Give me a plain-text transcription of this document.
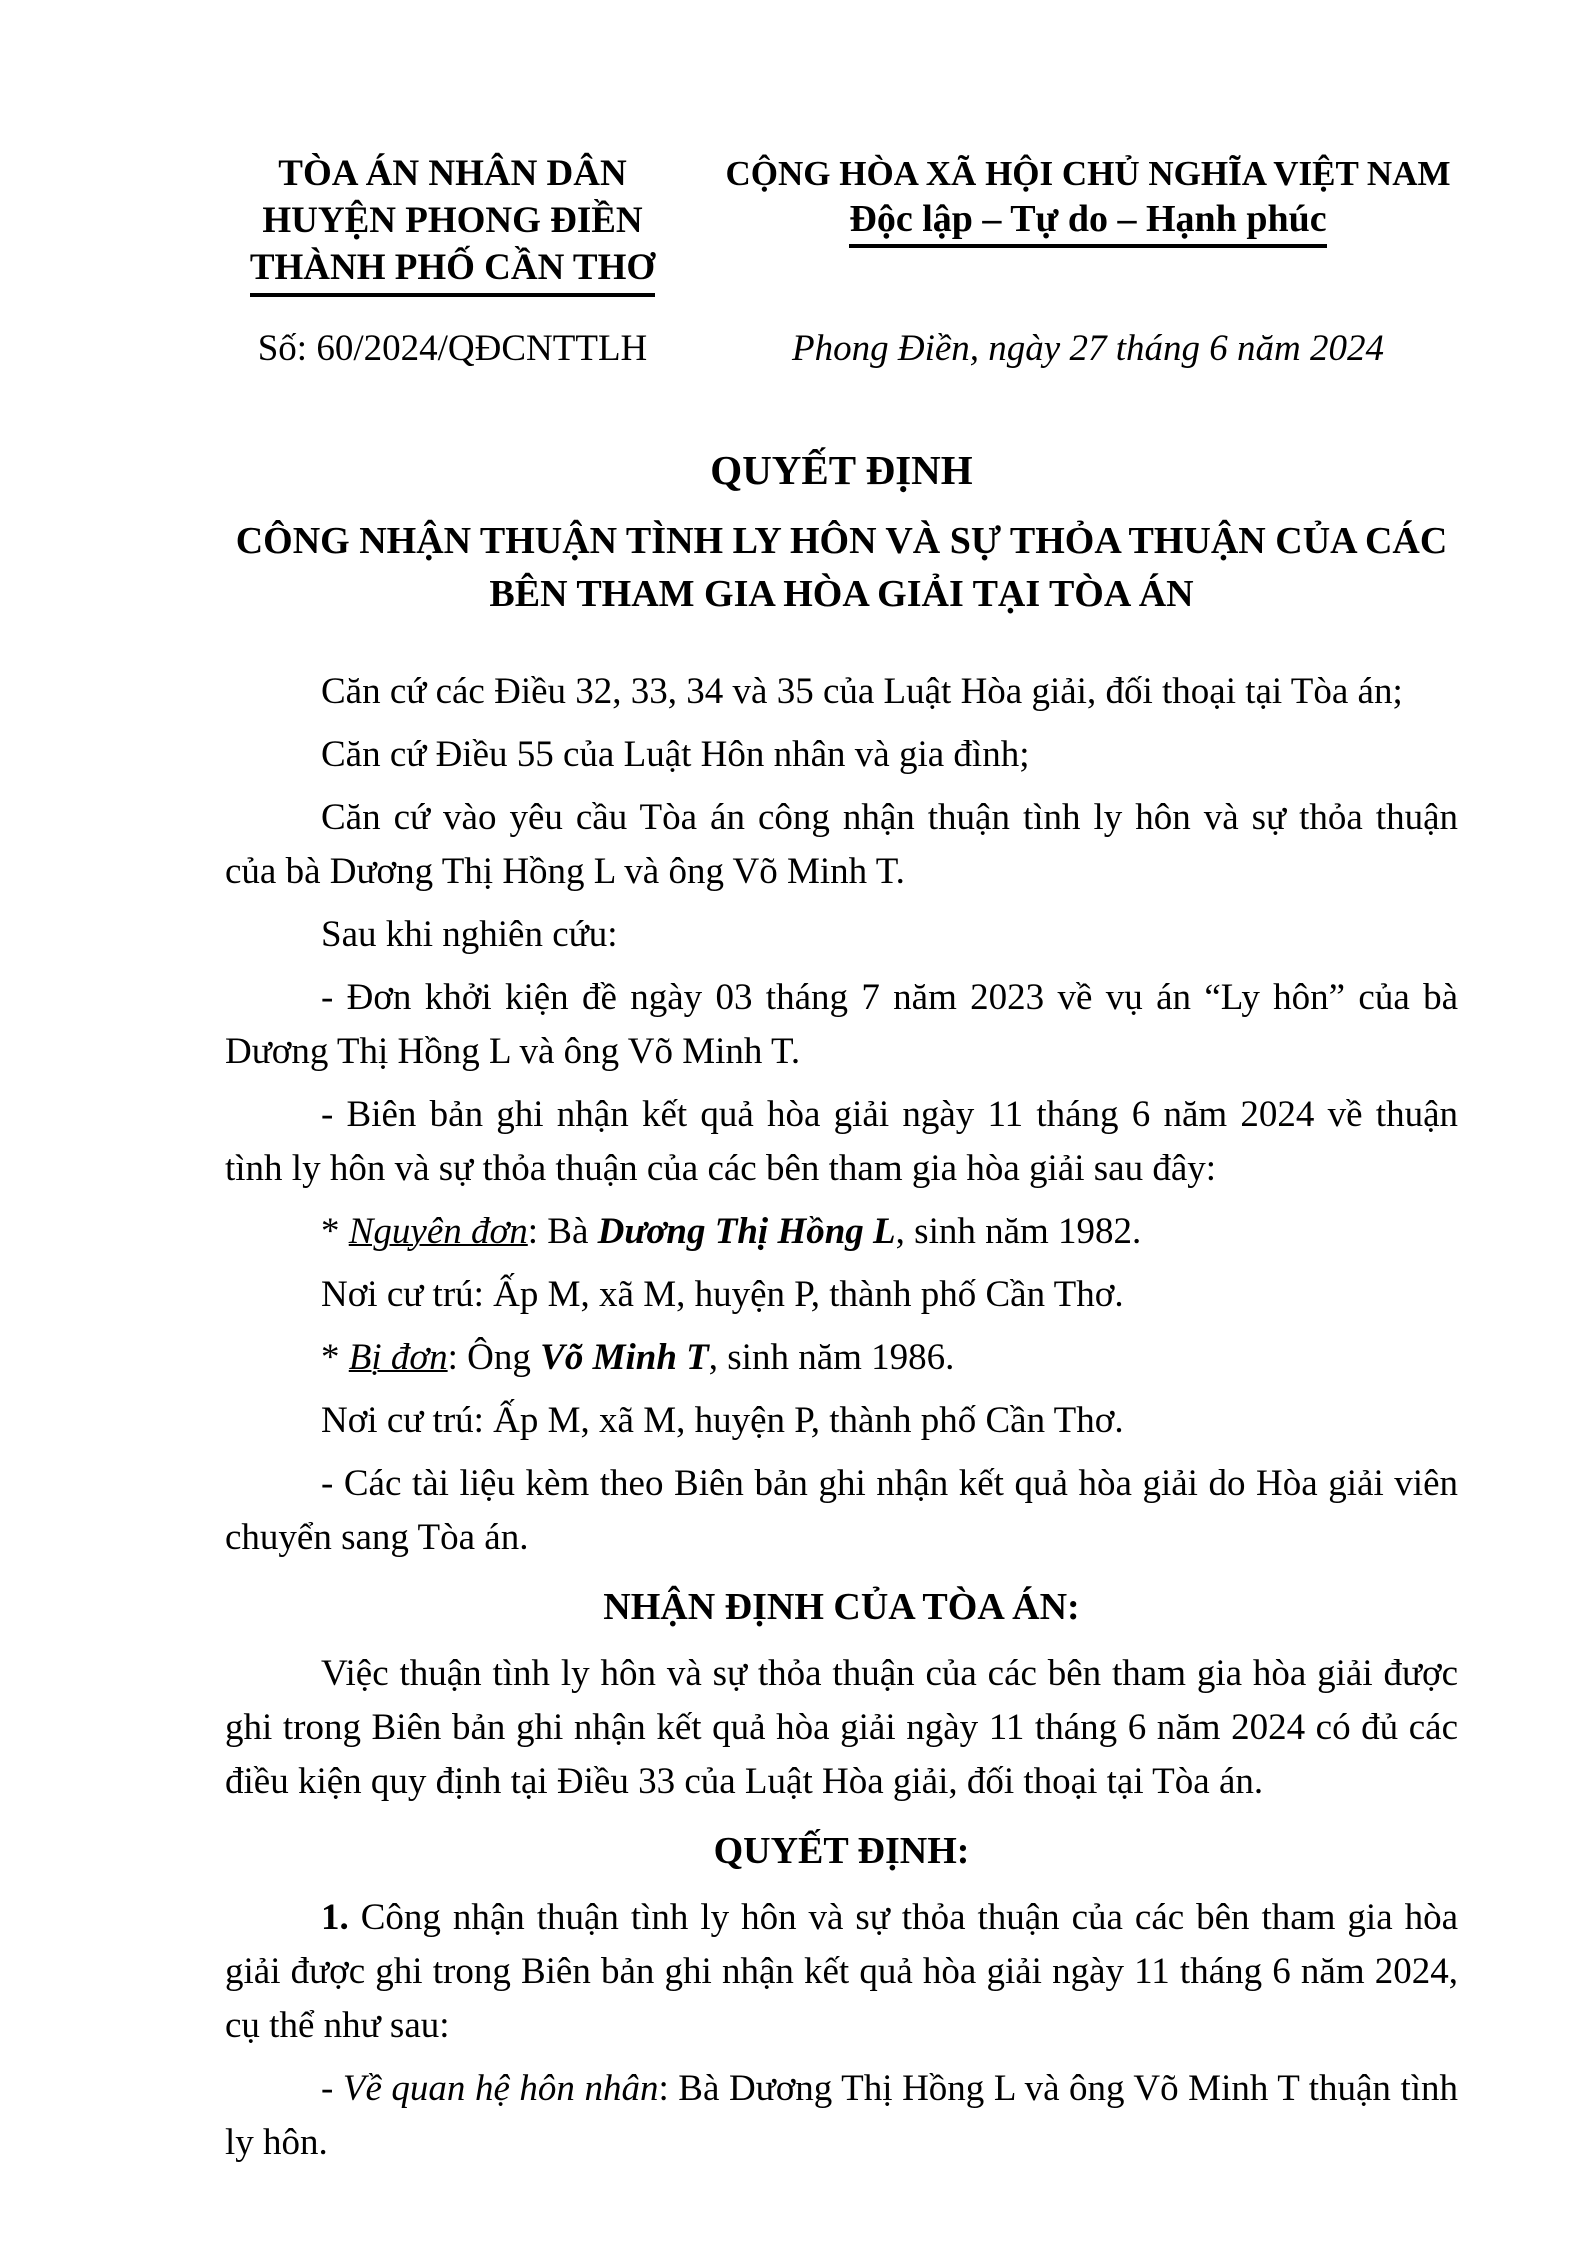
TÒA ÁN NHÂN DÂN
HUYỆN PHONG ĐIỀN
THÀNH PHỐ CẦN THƠ
CỘNG HÒA XÃ HỘI CHỦ NGHĨA VIỆT NAM
Độc lập – Tự do – Hạnh phúc
Số: 60/2024/QĐCNTTLH	Phong Điền, ngày 27 tháng 6 năm 2024
QUYẾT ĐỊNH
CÔNG NHẬN THUẬN TÌNH LY HÔN VÀ SỰ THỎA THUẬN CỦA CÁC
BÊN THAM GIA HÒA GIẢI TẠI TÒA ÁN

Căn cứ các Điều 32, 33, 34 và 35 của Luật Hòa giải, đối thoại tại Tòa án;

Căn cứ Điều 55 của Luật Hôn nhân và gia đình;

Căn cứ vào yêu cầu Tòa án công nhận thuận tình ly hôn và sự thỏa thuận của bà Dương Thị Hồng L và ông Võ Minh T.

Sau khi nghiên cứu:

- Đơn khởi kiện đề ngày 03 tháng 7 năm 2023 về vụ án “Ly hôn” của bà Dương Thị Hồng L và ông Võ Minh T.

- Biên bản ghi nhận kết quả hòa giải ngày 11 tháng 6 năm 2024 về thuận tình ly hôn và sự thỏa thuận của các bên tham gia hòa giải sau đây:

* Nguyên đơn: Bà Dương Thị Hồng L, sinh năm 1982.

Nơi cư trú: Ấp M, xã M, huyện P, thành phố Cần Thơ.

* Bị đơn: Ông Võ Minh T, sinh năm 1986.

Nơi cư trú: Ấp M, xã M, huyện P, thành phố Cần Thơ.

- Các tài liệu kèm theo Biên bản ghi nhận kết quả hòa giải do Hòa giải viên chuyển sang Tòa án.

NHẬN ĐỊNH CỦA TÒA ÁN:

Việc thuận tình ly hôn và sự thỏa thuận của các bên tham gia hòa giải được ghi trong Biên bản ghi nhận kết quả hòa giải ngày 11 tháng 6 năm 2024 có đủ các điều kiện quy định tại Điều 33 của Luật Hòa giải, đối thoại tại Tòa án.

QUYẾT ĐỊNH:

1. Công nhận thuận tình ly hôn và sự thỏa thuận của các bên tham gia hòa giải được ghi trong Biên bản ghi nhận kết quả hòa giải ngày 11 tháng 6 năm 2024, cụ thể như sau:

- Về quan hệ hôn nhân: Bà Dương Thị Hồng L và ông Võ Minh T thuận tình ly hôn.
